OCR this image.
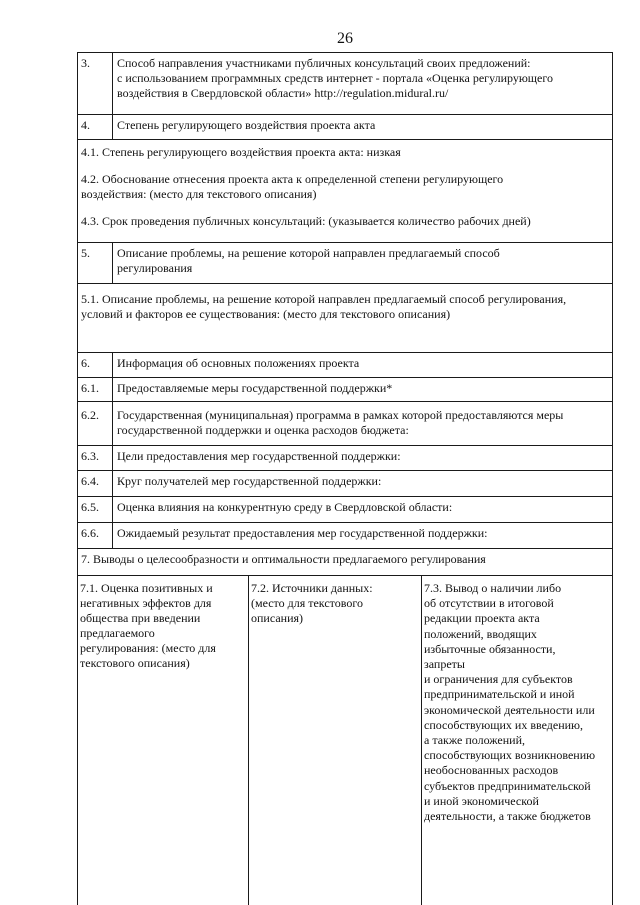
26
3.	Способ направления участниками публичных консультаций своих предложений:
с использованием программных средств интернет - портала «Оценка регулирующего
воздействия в Свердловской области» http://regulation.midural.ru/
4.	Степень регулирующего воздействия проекта акта
4.1. Степень регулирующего воздействия проекта акта: низкая
4.2. Обоснование отнесения проекта акта к определенной степени регулирующего
воздействия: (место для текстового описания)
4.3. Срок проведения публичных консультаций: (указывается количество рабочих дней)
5.	Описание проблемы, на решение которой направлен предлагаемый способ
регулирования
5.1. Описание проблемы, на решение которой направлен предлагаемый способ регулирования,
условий и факторов ее существования: (место для текстового описания)
6.	Информация об основных положениях проекта
6.1.	Предоставляемые меры государственной поддержки*
6.2.	Государственная (муниципальная) программа в рамках которой предоставляются меры
государственной поддержки и оценка расходов бюджета:
6.3.	Цели предоставления мер государственной поддержки:
6.4.	Круг получателей мер государственной поддержки:
6.5.	Оценка влияния на конкурентную среду в Свердловской области:
6.6.	Ожидаемый результат предоставления мер государственной поддержки:
7. Выводы о целесообразности и оптимальности предлагаемого регулирования
7.1. Оценка позитивных и
негативных эффектов для
общества при введении
предлагаемого
регулирования: (место для
текстового описания)
7.2. Источники данных:
(место для текстового
описания)
7.3. Вывод о наличии либо
об отсутствии в итоговой
редакции проекта акта
положений, вводящих
избыточные обязанности,
запреты
и ограничения для субъектов
предпринимательской и иной
экономической деятельности или
способствующих их введению,
а также положений,
способствующих возникновению
необоснованных расходов
субъектов предпринимательской
и иной экономической
деятельности, а также бюджетов
